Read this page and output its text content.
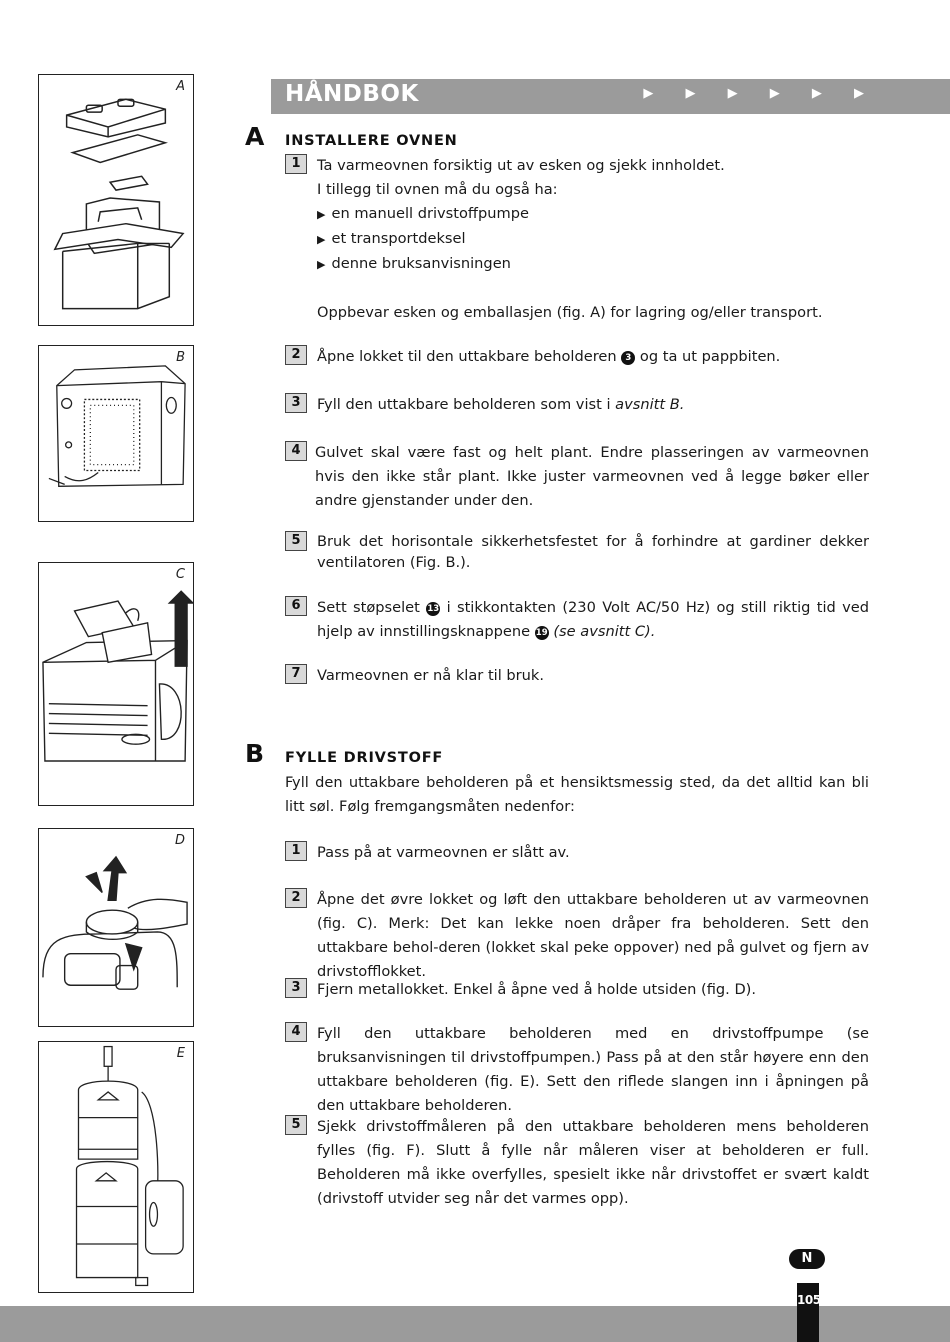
A
B
C
D
E
HÅNDBOK	▶ ▶ ▶ ▶ ▶ ▶
A INSTALLERE OVNEN
1	Ta varmeovnen forsiktig ut av esken og sjekk innholdet.
I tillegg til ovnen må du også ha:
▶ en manuell drivstoffpumpe
▶ et transportdeksel
▶ denne bruksanvisningen
Oppbevar esken og emballasjen (fig. A) for lagring og/eller transport.
2	Åpne lokket til den uttakbare beholderen 3 og ta ut pappbiten.
3	Fyll den uttakbare beholderen som vist i avsnitt B.
4 Gulvet skal være fast og helt plant. Endre plasseringen av varmeovnen hvis den ikke står plant. Ikke juster varmeovnen ved å legge bøker eller andre gjenstander under den.
5	Bruk det horisontale sikkerhetsfestet for å forhindre at gardiner dekker ventilatoren (Fig. B.).
6	Sett støpselet 13 i stikkontakten (230 Volt AC/50 Hz) og still riktig tid ved hjelp av innstillingsknappene 19 (se avsnitt C).
7	Varmeovnen er nå klar til bruk.
B FYLLE DRIVSTOFF
Fyll den uttakbare beholderen på et hensiktsmessig sted, da det alltid kan bli litt søl. Følg fremgangsmåten nedenfor:
1	Pass på at varmeovnen er slått av.
2	Åpne det øvre lokket og løft den uttakbare beholderen ut av varmeovnen (fig. C). Merk: Det kan lekke noen dråper fra beholderen. Sett den uttakbare behol-deren (lokket skal peke oppover) ned på gulvet og fjern av drivstofflokket.
3	Fjern metallokket. Enkel å åpne ved å holde utsiden (fig. D).
4	Fyll den uttakbare beholderen med en drivstoffpumpe (se bruksanvisningen til drivstoffpumpen.) Pass på at den står høyere enn den uttakbare beholderen (fig. E). Sett den riflede slangen inn i åpningen på den uttakbare beholderen.
5	Sjekk drivstoffmåleren på den uttakbare beholderen mens beholderen fylles (fig. F). Slutt å fylle når måleren viser at beholderen er full. Beholderen må ikke overfylles, spesielt ikke når drivstoffet er svært kaldt (drivstoff utvider seg når det varmes opp).
N
105
